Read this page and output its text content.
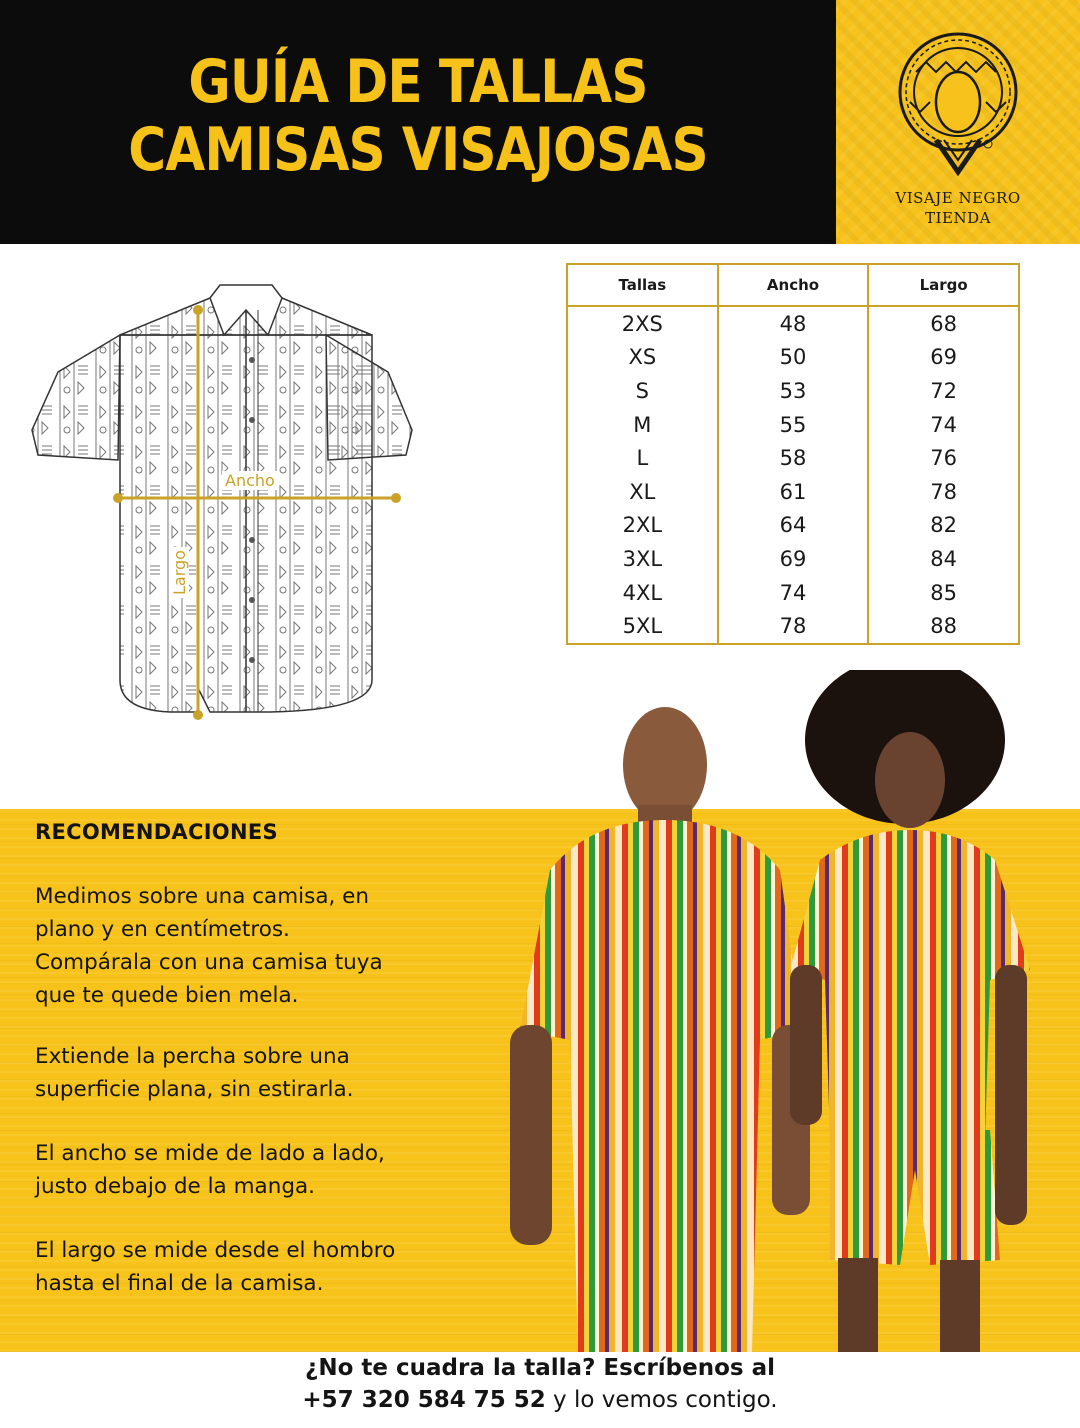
GUÍA DE TALLAS
CAMISAS VISAJOSAS
VISAJE NEGRO
TIENDA
Ancho
Largo
Tallas	Ancho	Largo
2XS	48	68
XS	50	69
S	53	72
M	55	74
L	58	76
XL	61	78
2XL	64	82
3XL	69	84
4XL	74	85
5XL	78	88
RECOMENDACIONES
Medimos sobre una camisa, en
plano y en centímetros.
Compárala con una camisa tuya
que te quede bien mela.
Extiende la percha sobre una
superficie plana, sin estirarla.
El ancho se mide de lado a lado,
justo debajo de la manga.
El largo se mide desde el hombro
hasta el final de la camisa.
¿No te cuadra la talla? Escríbenos al
+57 320 584 75 52 y lo vemos contigo.
